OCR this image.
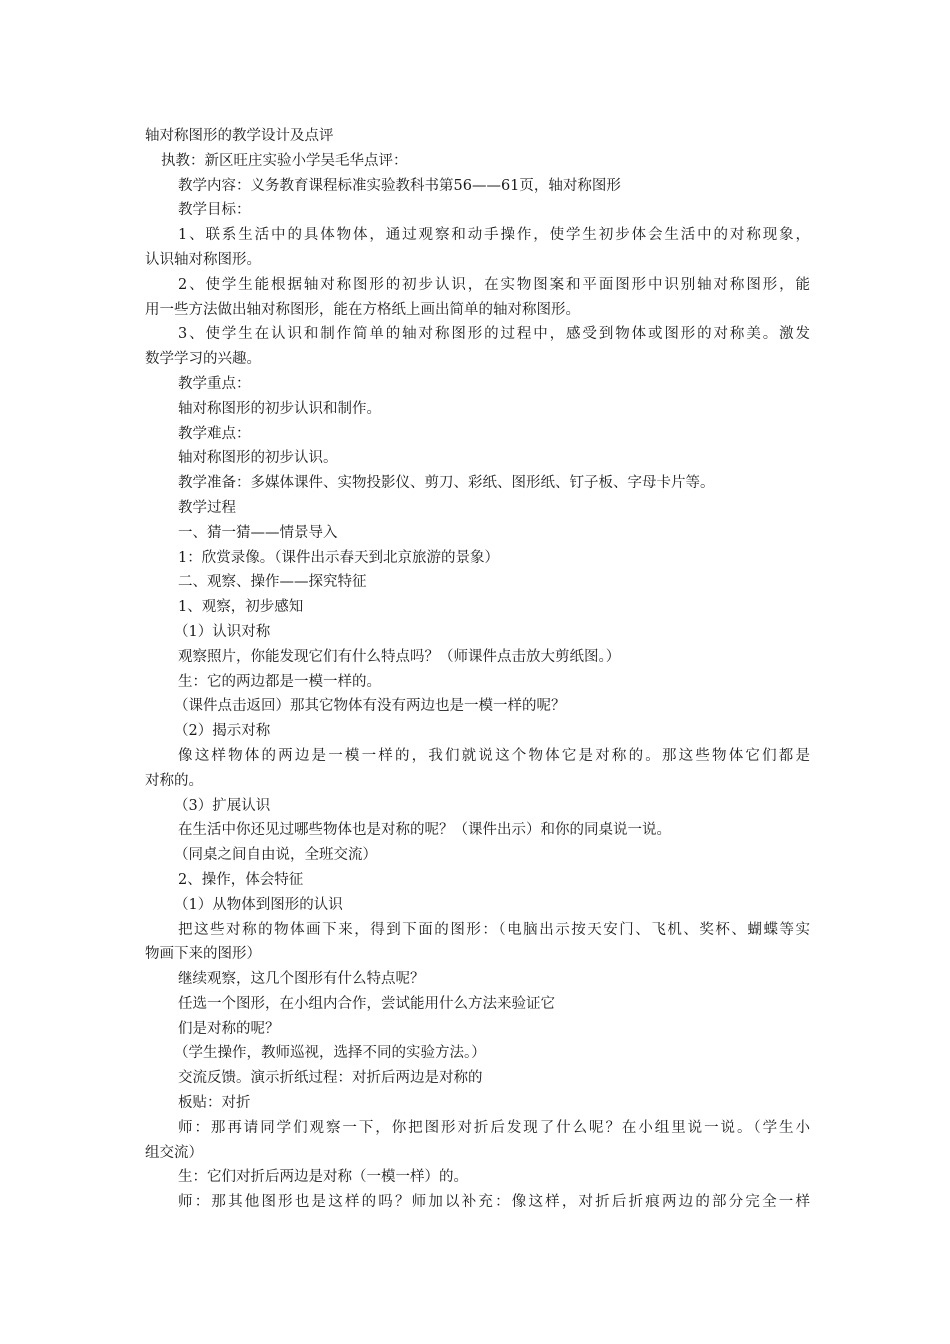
轴对称图形的教学设计及点评
执教：新区旺庄实验小学吴毛华点评：
教学内容：义务教育课程标准实验教科书第56——61页，轴对称图形
教学目标：
1、联系生活中的具体物体，通过观察和动手操作，使学生初步体会生活中的对称现象，
认识轴对称图形。
2、使学生能根据轴对称图形的初步认识，在实物图案和平面图形中识别轴对称图形，能
用一些方法做出轴对称图形，能在方格纸上画出简单的轴对称图形。
3、使学生在认识和制作简单的轴对称图形的过程中，感受到物体或图形的对称美。激发
数学学习的兴趣。
教学重点：
轴对称图形的初步认识和制作。
教学难点：
轴对称图形的初步认识。
教学准备：多媒体课件、实物投影仪、剪刀、彩纸、图形纸、钉子板、字母卡片等。
教学过程
一、猜一猜——情景导入
1：欣赏录像。（课件出示春天到北京旅游的景象）
二、观察、操作——探究特征
1、观察，初步感知
（1）认识对称
观察照片，你能发现它们有什么特点吗？（师课件点击放大剪纸图。）
生：它的两边都是一模一样的。
（课件点击返回）那其它物体有没有两边也是一模一样的呢？
（2）揭示对称
像这样物体的两边是一模一样的，我们就说这个物体它是对称的。那这些物体它们都是
对称的。
（3）扩展认识
在生活中你还见过哪些物体也是对称的呢？（课件出示）和你的同桌说一说。
（同桌之间自由说，全班交流）
2、操作，体会特征
（1）从物体到图形的认识
把这些对称的物体画下来，得到下面的图形：（电脑出示按天安门、飞机、奖杯、蝴蝶等实
物画下来的图形）
继续观察，这几个图形有什么特点呢？
任选一个图形，在小组内合作，尝试能用什么方法来验证它
们是对称的呢？
（学生操作，教师巡视，选择不同的实验方法。）
交流反馈。演示折纸过程：对折后两边是对称的
板贴：对折
师：那再请同学们观察一下，你把图形对折后发现了什么呢？在小组里说一说。（学生小
组交流）
生：它们对折后两边是对称（一模一样）的。
师：那其他图形也是这样的吗？师加以补充：像这样，对折后折痕两边的部分完全一样
